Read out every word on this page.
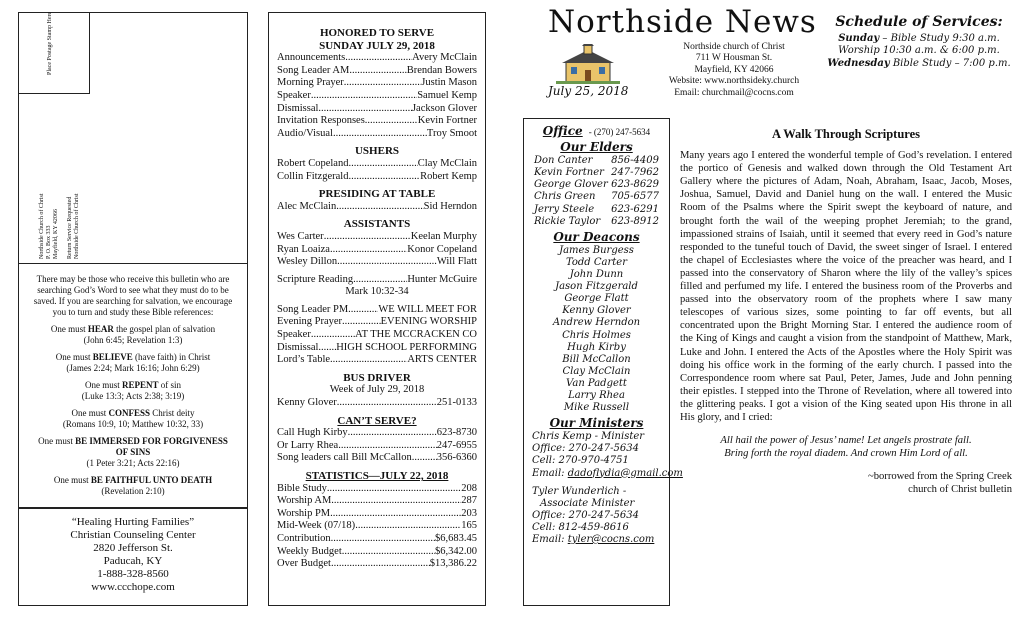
Place Postage Stamp Here
Northside Church of Christ P. O. Box 333 Mayfield, KY 42066 Return Service Requested Northside Church of Christ

There may be those who receive this bulletin who are searching God’s Word to see what they must do to be saved. If you are searching for salvation, we encourage you to turn and study these Bible references:

One must HEAR the gospel plan of salvation
(John 6:45; Revelation 1:3)

One must BELIEVE (have faith) in Christ
(James 2:24; Mark 16:16; John 6:29)

One must REPENT of sin
(Luke 13:3; Acts 2:38; 3:19)

One must CONFESS Christ deity
(Romans 10:9, 10; Matthew 10:32, 33)

One must BE IMMERSED FOR FORGIVENESS OF SINS
(1 Peter 3:21; Acts 22:16)

One must BE FAITHFUL UNTO DEATH
(Revelation 2:10)

“Healing Hurting Families”
Christian Counseling Center
2820 Jefferson St.
Paducah, KY
1-888-328-8560
www.ccchope.com
HONORED TO SERVE
SUNDAY JULY 29, 2018
Announcements .....	Avery McClain
Song Leader AM .....	Brendan Bowers
Morning Prayer .....	Justin Mason
Speaker .....	Samuel Kemp
Dismissal .....	Jackson Glover
Invitation Responses .....	Kevin Fortner
Audio/Visual .....	Troy Smoot
USHERS
Robert Copeland .....	Clay McClain
Collin Fitzgerald .....	Robert Kemp
PRESIDING AT TABLE
Alec McClain .....	Sid Herndon
ASSISTANTS
Wes Carter .....	Keelan Murphy
Ryan Loaiza .....	Konor Copeland
Wesley Dillon .....	Will Flatt
Scripture Reading .....	Hunter McGuire
Mark 10:32-34
Song Leader PM .....	WE WILL MEET FOR
Evening Prayer .....	EVENING WORSHIP
Speaker .....	AT THE MCCRACKEN CO
Dismissal ..... HIGH SCHOOL PERFORMING
Lord’s Table .....	ARTS CENTER
BUS DRIVER
Week of July 29, 2018
Kenny Glover .....	251-0133
CAN’T SERVE?
Call Hugh Kirby .....	623-8730
Or Larry Rhea .....	247-6955
Song leaders call Bill McCallon ..... 356-6360
STATISTICS—JULY 22, 2018
Bible Study .....	208
Worship AM .....	287
Worship PM .....	203
Mid-Week (07/18) .....	165
Contribution .....	$6,683.45
Weekly Budget .....	$6,342.00
Over Budget .....	$13,386.22
Northside News
July 25, 2018
Northside church of Christ
711 W Housman St.
Mayfield, KY 42066
Website: www.northsideky.church
Email: churchmail@cocns.com
Schedule of Services:
Sunday – Bible Study 9:30 a.m.
Worship 10:30 a.m. & 6:00 p.m.
Wednesday Bible Study – 7:00 p.m.
Office - (270) 247-5634
Our Elders
Don Canter 856-4409
Kevin Fortner 247-7962
George Glover 623-8629
Chris Green 705-6577
Jerry Steele 623-6291
Rickie Taylor 623-8912
Our Deacons
James Burgess
Todd Carter
John Dunn
Jason Fitzgerald
George Flatt
Kenny Glover
Andrew Herndon
Chris Holmes
Hugh Kirby
Bill McCallon
Clay McClain
Van Padgett
Larry Rhea
Mike Russell
Our Ministers
Chris Kemp - Minister
Office: 270-247-5634
Cell: 270-970-4751
Email: dadoflydia@gmail.com
Tyler Wunderlich -
Associate Minister
Office: 270-247-5634
Cell: 812-459-8616
Email: tyler@cocns.com
A Walk Through Scriptures

Many years ago I entered the wonderful temple of God’s revelation. I entered the portico of Genesis and walked down through the Old Testament Art Gallery where the pictures of Adam, Noah, Abraham, Isaac, Jacob, Moses, Joshua, Samuel, David and Daniel hung on the wall. I entered the Music Room of the Psalms where the Spirit swept the keyboard of nature, and brought forth the wail of the weeping prophet Jeremiah; to the grand, impassioned strains of Isaiah, until it seemed that every reed in God’s nature responded to the tuneful touch of David, the sweet singer of Israel. I entered the chapel of Ecclesiastes where the voice of the preacher was heard, and I passed into the conservatory of Sharon where the lily of the valley’s spices filled and perfumed my life. I entered the business room of the Proverbs and passed into the observatory room of the prophets where I saw many telescopes of various sizes, some pointing to far off events, but all concentrated upon the Bright Morning Star. I entered the audience room of the King of Kings and caught a vision from the standpoint of Matthew, Mark, Luke and John. I entered the Acts of the Apostles where the Holy Spirit was doing his office work in the forming of the early church. I passed into the Correspondence room where sat Paul, Peter, James, Jude and John penning their epistles. I stepped into the Throne of Revelation, where all towered into the glittering peaks. I got a vision of the King seated upon His throne in all His glory, and I cried:

All hail the power of Jesus’ name! Let angels prostrate fall.
Bring forth the royal diadem. And crown Him Lord of all.
~borrowed from the Spring Creek
church of Christ bulletin
